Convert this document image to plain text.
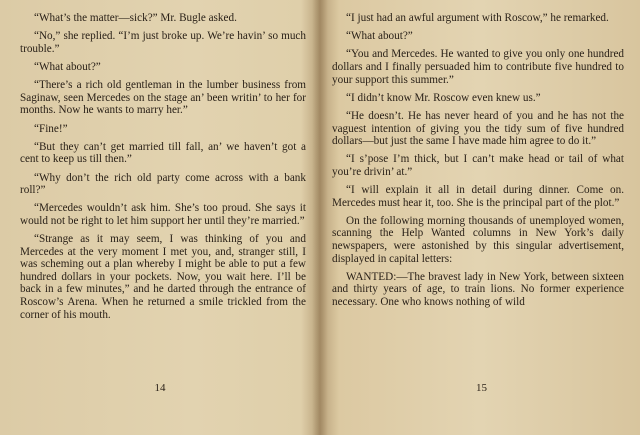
“What’s the matter—sick?” Mr. Bugle asked.

“No,” she replied. “I’m just broke up. We’re havin’ so much trouble.”

“What about?”

“There’s a rich old gentleman in the lumber business from Saginaw, seen Mercedes on the stage an’ been writin’ to her for months. Now he wants to marry her.”

“Fine!”

“But they can’t get married till fall, an’ we haven’t got a cent to keep us till then.”

“Why don’t the rich old party come across with a bank roll?”

“Mercedes wouldn’t ask him. She’s too proud. She says it would not be right to let him support her until they’re married.”

“Strange as it may seem, I was thinking of you and Mercedes at the very moment I met you, and, stranger still, I was scheming out a plan whereby I might be able to put a few hundred dollars in your pockets. Now, you wait here. I’ll be back in a few minutes,” and he darted through the entrance of Roscow’s Arena. When he returned a smile trickled from the corner of his mouth.

14

“I just had an awful argument with Roscow,” he remarked.

“What about?”

“You and Mercedes. He wanted to give you only one hundred dollars and I finally persuaded him to contribute five hundred to your support this summer.”

“I didn’t know Mr. Roscow even knew us.”

“He doesn’t. He has never heard of you and he has not the vaguest intention of giving you the tidy sum of five hundred dollars—but just the same I have made him agree to do it.”

“I s’pose I’m thick, but I can’t make head or tail of what you’re drivin’ at.”

“I will explain it all in detail during dinner. Come on. Mercedes must hear it, too. She is the principal part of the plot.”

On the following morning thousands of unemployed women, scanning the Help Wanted columns in New York’s daily newspapers, were astonished by this singular advertisement, displayed in capital letters:

WANTED:—The bravest lady in New York, between sixteen and thirty years of age, to train lions. No former experience necessary. One who knows nothing of wild

15
